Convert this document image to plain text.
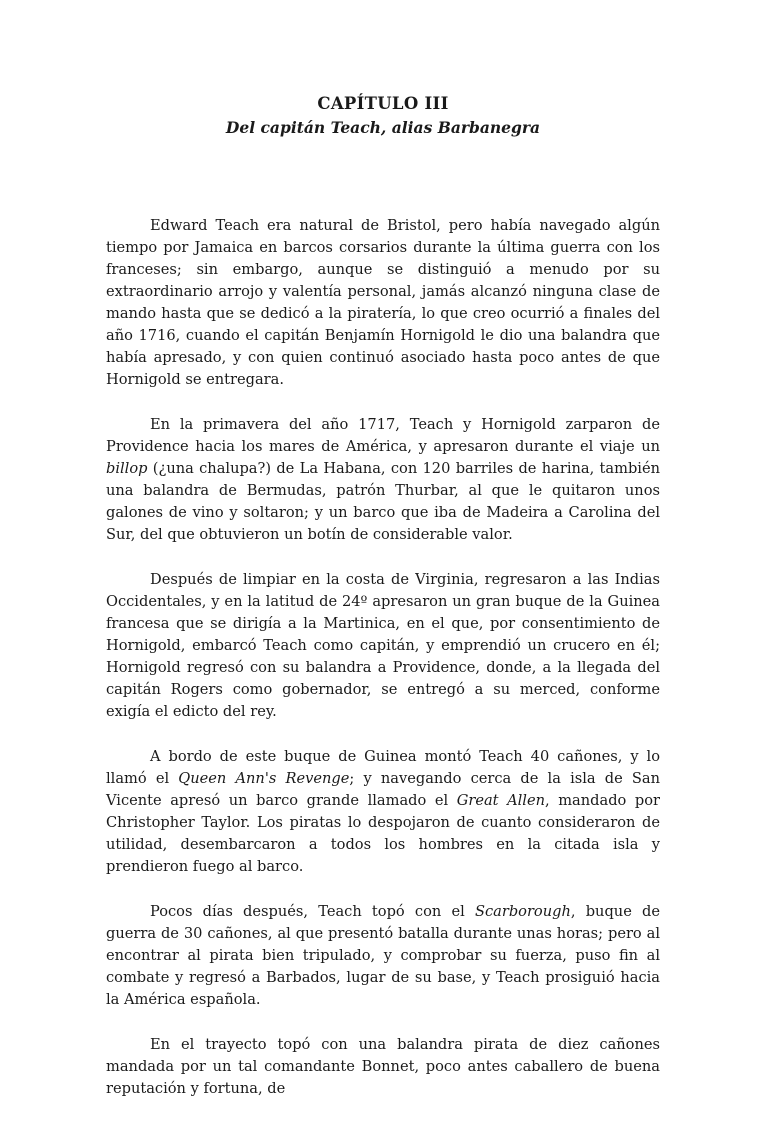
CAPÍTULO III
Del capitán Teach, alias Barbanegra

Edward Teach era natural de Bristol, pero había navegado algún tiempo por Jamaica en barcos corsarios durante la última guerra con los franceses; sin embargo, aunque se distinguió a menudo por su extraordinario arrojo y valentía personal, jamás alcanzó ninguna clase de mando hasta que se dedicó a la piratería, lo que creo ocurrió a finales del año 1716, cuando el capitán Benjamín Hornigold le dio una balandra que había apresado, y con quien continuó asociado hasta poco antes de que Hornigold se entregara.

En la primavera del año 1717, Teach y Hornigold zarparon de Providence hacia los mares de América, y apresaron durante el viaje un billop (¿una chalupa?) de La Habana, con 120 barriles de harina, también una balandra de Bermudas, patrón Thurbar, al que le quitaron unos galones de vino y soltaron; y un barco que iba de Madeira a Carolina del Sur, del que obtuvieron un botín de considerable valor.

Después de limpiar en la costa de Virginia, regresaron a las Indias Occidentales, y en la latitud de 24º apresaron un gran buque de la Guinea francesa que se dirigía a la Martinica, en el que, por consentimiento de Hornigold, embarcó Teach como capitán, y emprendió un crucero en él; Hornigold regresó con su balandra a Providence, donde, a la llegada del capitán Rogers como gobernador, se entregó a su merced, conforme exigía el edicto del rey.

A bordo de este buque de Guinea montó Teach 40 cañones, y lo llamó el Queen Ann's Revenge; y navegando cerca de la isla de San Vicente apresó un barco grande llamado el Great Allen, mandado por Christopher Taylor. Los piratas lo despojaron de cuanto consideraron de utilidad, desembarcaron a todos los hombres en la citada isla y prendieron fuego al barco.

Pocos días después, Teach topó con el Scarborough, buque de guerra de 30 cañones, al que presentó batalla durante unas horas; pero al encontrar al pirata bien tripulado, y comprobar su fuerza, puso fin al combate y regresó a Barbados, lugar de su base, y Teach prosiguió hacia la América española.

En el trayecto topó con una balandra pirata de diez cañones mandada por un tal comandante Bonnet, poco antes caballero de buena reputación y fortuna, de
